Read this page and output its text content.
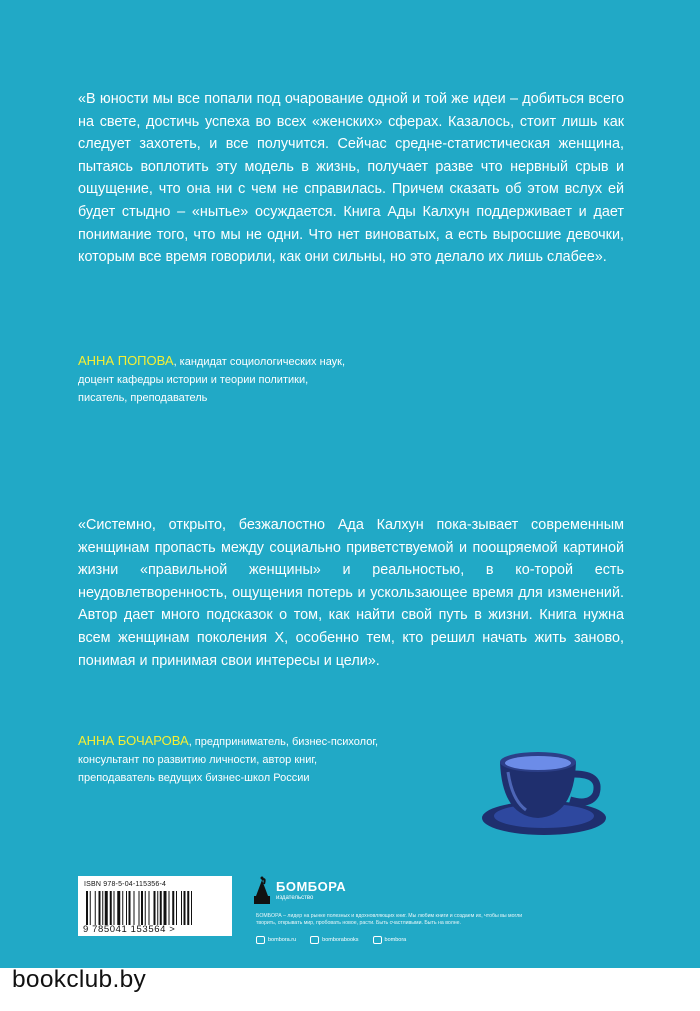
«В юности мы все попали под очарование одной и той же идеи – добиться всего на свете, достичь успеха во всех «женских» сферах. Казалось, стоит лишь как следует захотеть, и все получится. Сейчас средне-статистическая женщина, пытаясь воплотить эту модель в жизнь, получает разве что нервный срыв и ощущение, что она ни с чем не справилась. Причем сказать об этом вслух ей будет стыдно – «нытье» осуждается. Книга Ады Калхун поддерживает и дает понимание того, что мы не одни. Что нет виноватых, а есть выросшие девочки, которым все время говорили, как они сильны, но это делало их лишь слабее».

АННА ПОПОВА, кандидат социологических наук,
доцент кафедры истории и теории политики,
писатель, преподаватель

«Системно, открыто, безжалостно Ада Калхун пока-зывает современным женщинам пропасть между социально приветствуемой и поощряемой картиной жизни «правильной женщины» и реальностью, в ко-торой есть неудовлетворенность, ощущения потерь и ускользающее время для изменений. Автор дает много подсказок о том, как найти свой путь в жизни. Книга нужна всем женщинам поколения X, особенно тем, кто решил начать жить заново, понимая и принимая свои интересы и цели».

АННА БОЧАРОВА, предприниматель, бизнес-психолог,
консультант по развитию личности, автор книг,
преподаватель ведущих бизнес-школ России

ISBN 978-5-04-115356-4
9 785041 153564 >
БОМБОРА
издательство

БОМБОРА – лидер на рынке полезных и вдохновляющих книг. Мы любим книги и создаем их, чтобы вы могли творить, открывать мир, пробовать новое, расти. Быть счастливыми. Быть на волне.

bombora.ru	bomborabooks	bombora
bookclub.by
